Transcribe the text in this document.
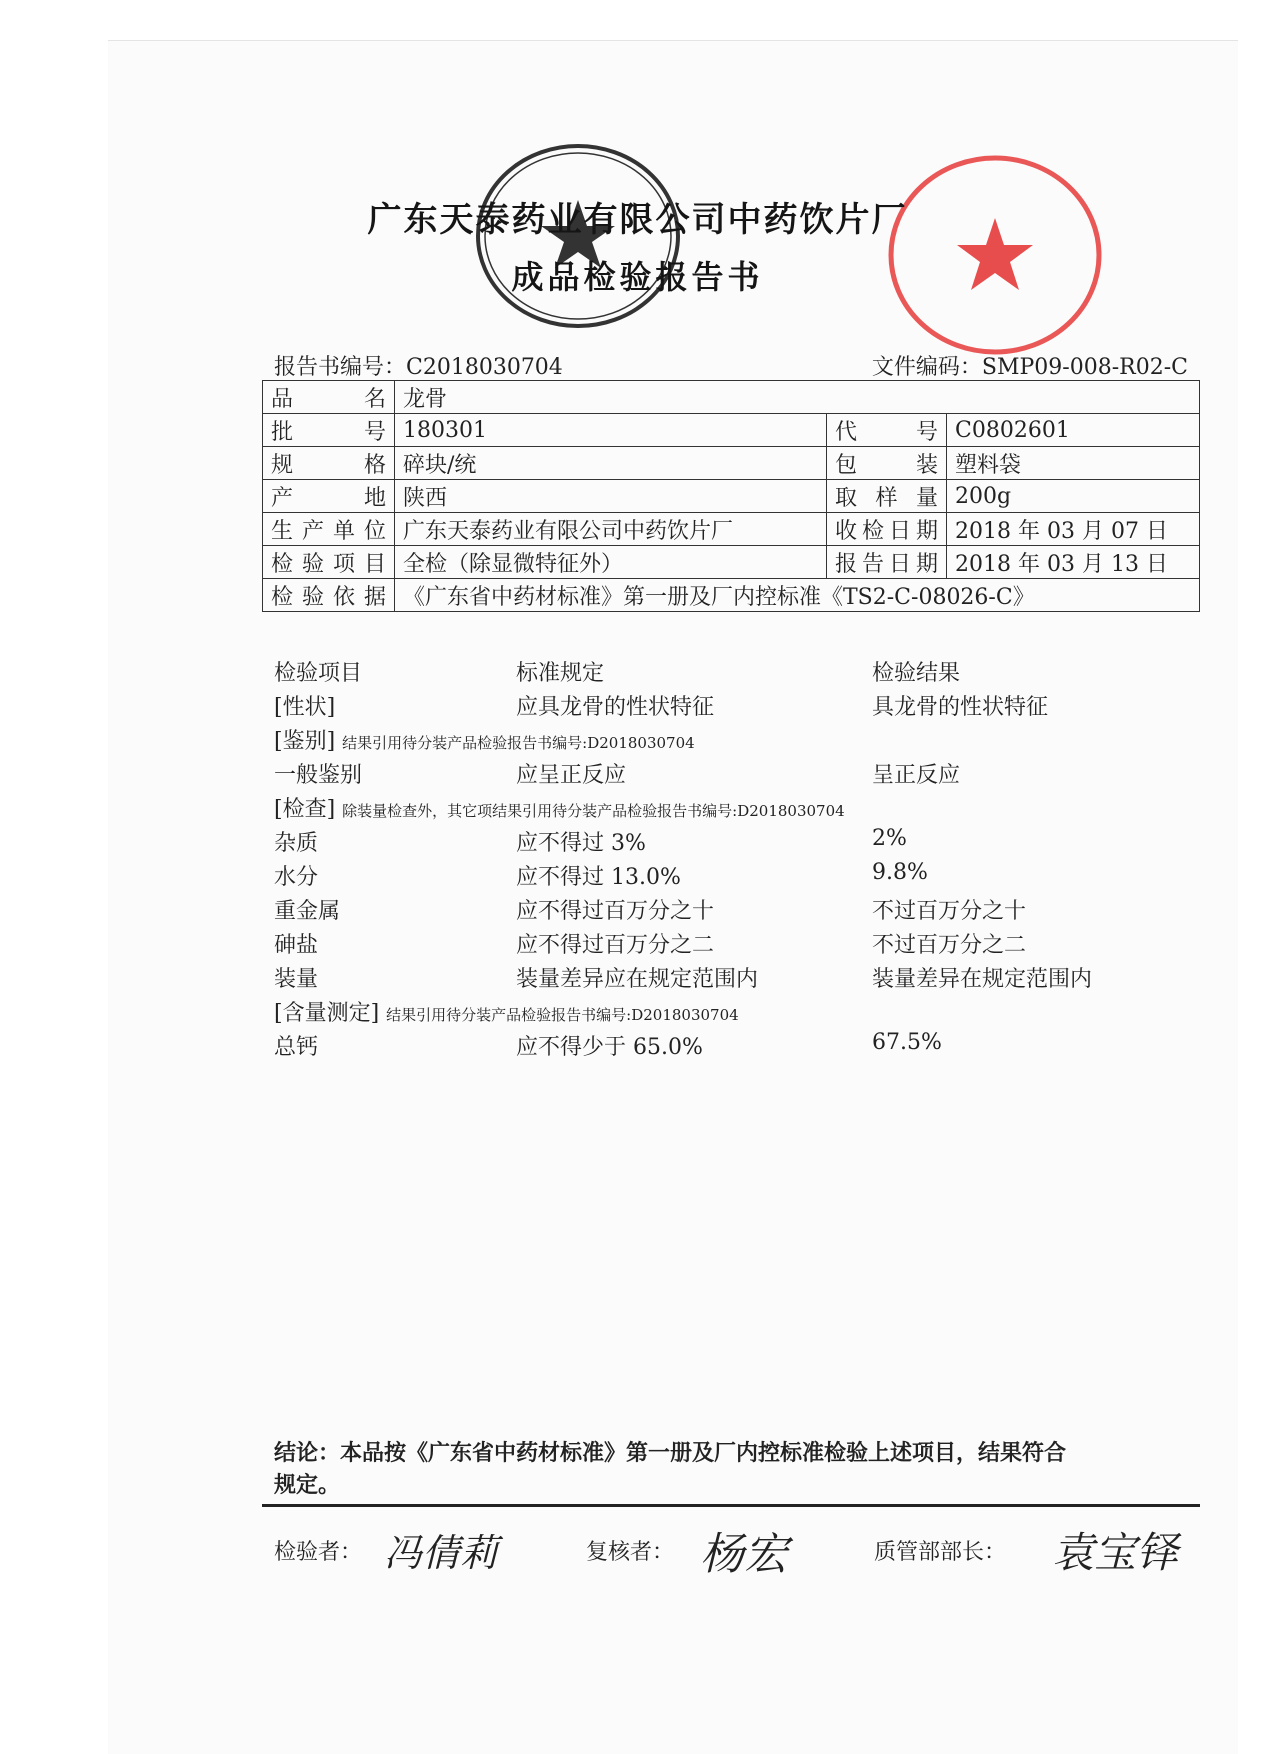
广东天泰药业有限公司中药饮片厂
成品检验报告书
报告书编号：C2018030704	文件编码：SMP09-008-R02-C
品 名	龙骨		
批 号	180301	代 号	C0802601
规 格	碎块/统	包 装	塑料袋
产 地	陕西	取 样 量	200g
生产单位	广东天泰药业有限公司中药饮片厂	收检日期	2018 年 03 月 07 日
检验项目	全检（除显微特征外）	报告日期	2018 年 03 月 13 日
检验依据	《广东省中药材标准》第一册及厂内控标准《TS2-C-08026-C》		
检验项目	标准规定	检验结果
[性状]	应具龙骨的性状特征	具龙骨的性状特征
[鉴别] 结果引用待分装产品检验报告书编号:D2018030704
一般鉴别	应呈正反应	呈正反应
[检查] 除装量检查外，其它项结果引用待分装产品检验报告书编号:D2018030704
杂质	应不得过 3%	2%
水分	应不得过 13.0%	9.8%
重金属	应不得过百万分之十	不过百万分之十
砷盐	应不得过百万分之二	不过百万分之二
装量	装量差异应在规定范围内	装量差异在规定范围内
[含量测定] 结果引用待分装产品检验报告书编号:D2018030704
总钙	应不得少于 65.0%	67.5%
结论：本品按《广东省中药材标准》第一册及厂内控标准检验上述项目，结果符合
规定。
检验者： 冯倩莉	复核者： 杨宏	质管部部长： 袁宝铎
